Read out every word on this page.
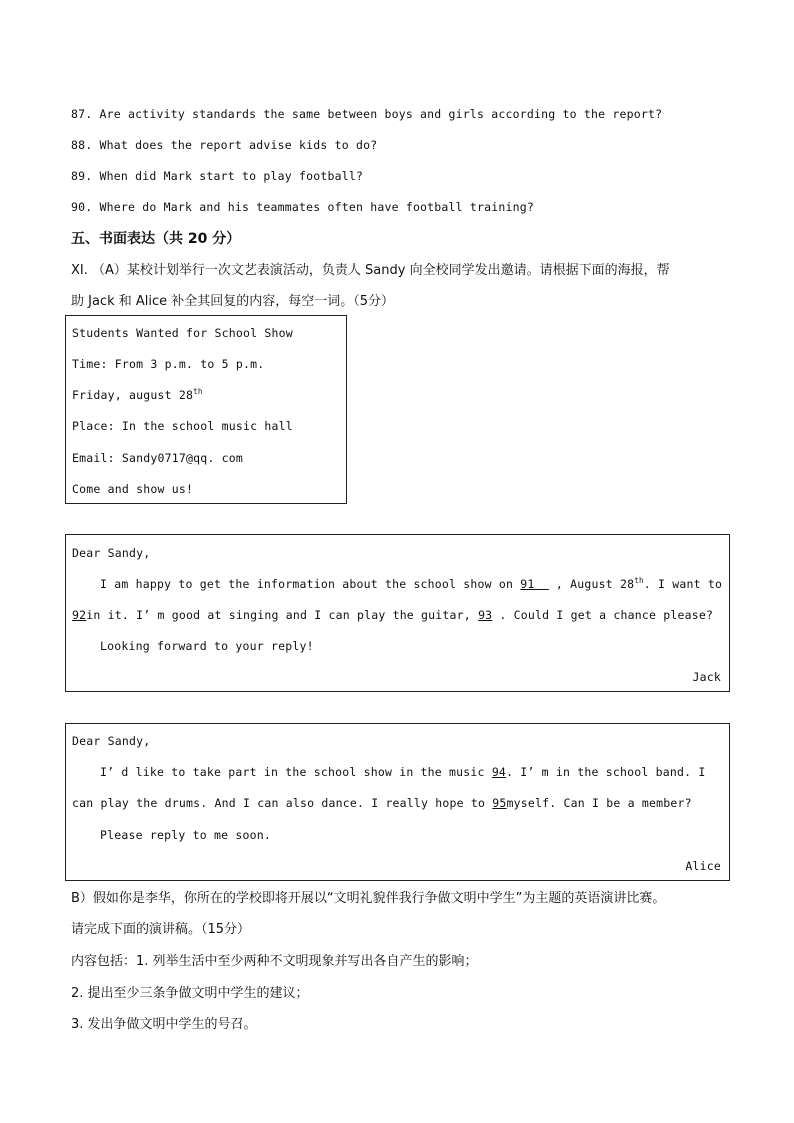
87. Are activity standards the same between boys and girls according to the report?
88. What does the report advise kids to do?
89. When did Mark start to play football?
90. Where do Mark and his teammates often have football training?
五、书面表达（共 20 分）
XI. （A）某校计划举行一次文艺表演活动，负责人 Sandy 向全校同学发出邀请。请根据下面的海报，帮
助 Jack 和 Alice 补全其回复的内容，每空一词。（5分）
Students Wanted for School Show
Time: From 3 p.m. to 5 p.m.
Friday, august 28th
Place: In the school music hall
Email: Sandy0717@qq. com
Come and show us!
Dear Sandy,
I am happy to get the information about the school show on 91   , August 28th. I want to
92in it. I’ m good at singing and I can play the guitar, 93 . Could I get a chance please?
Looking forward to your reply!
Jack
Dear Sandy,
I’ d like to take part in the school show in the music 94. I’ m in the school band. I
can play the drums. And I can also dance. I really hope to 95myself. Can I be a member?
Please reply to me soon.
Alice
B）假如你是李华，你所在的学校即将开展以“文明礼貌伴我行争做文明中学生”为主题的英语演讲比赛。
请完成下面的演讲稿。（15分）
内容包括：1. 列举生活中至少两种不文明现象并写出各自产生的影响；
2. 提出至少三条争做文明中学生的建议；
3. 发出争做文明中学生的号召。
